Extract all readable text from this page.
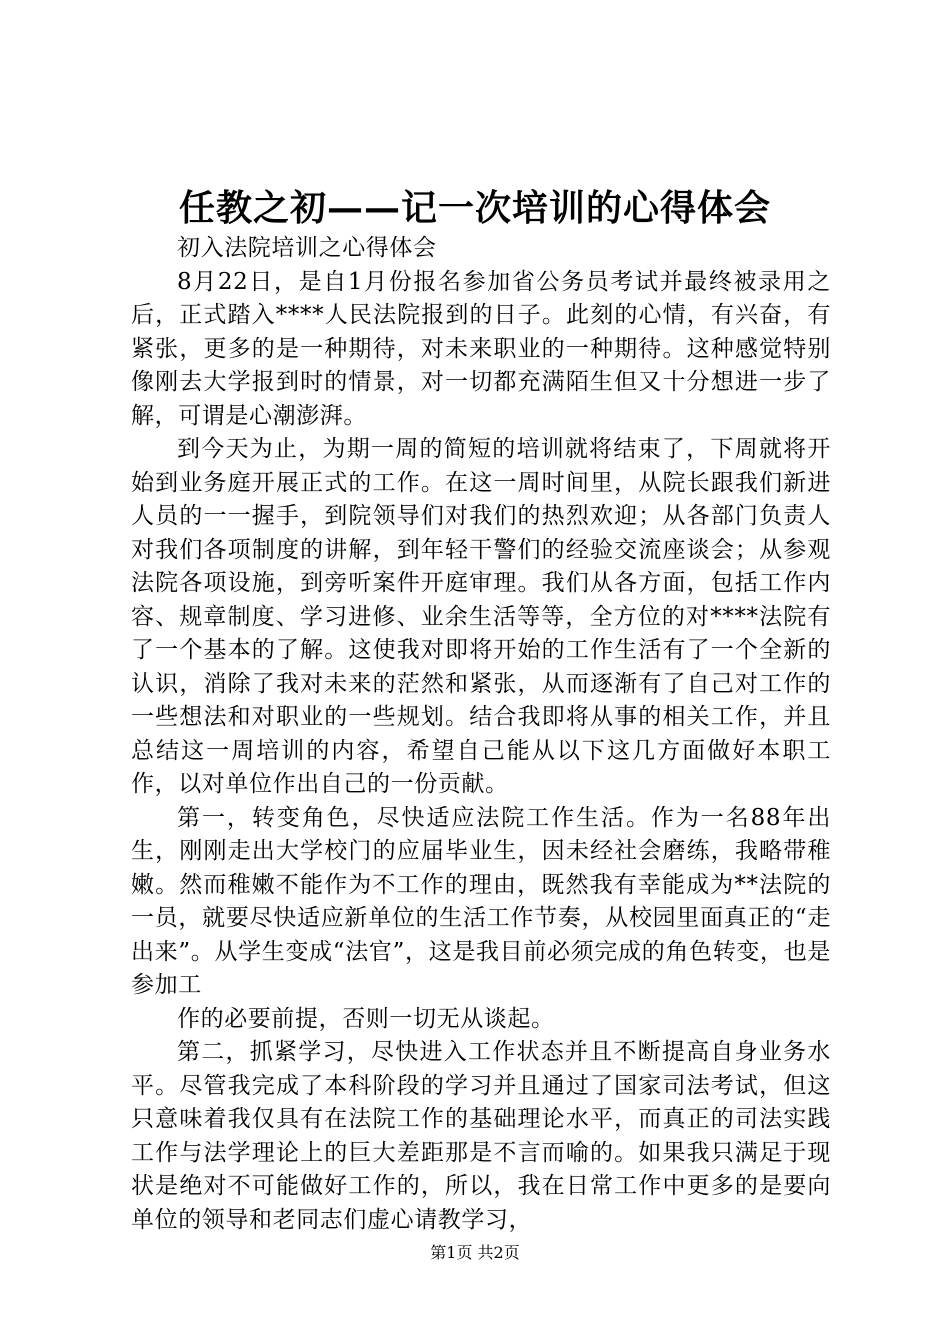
任教之初——记一次培训的心得体会

初入法院培训之心得体会

8月22日，是自1月份报名参加省公务员考试并最终被录用之后，正式踏入****人民法院报到的日子。此刻的心情，有兴奋，有紧张，更多的是一种期待，对未来职业的一种期待。这种感觉特别像刚去大学报到时的情景，对一切都充满陌生但又十分想进一步了解，可谓是心潮澎湃。

到今天为止，为期一周的简短的培训就将结束了，下周就将开始到业务庭开展正式的工作。在这一周时间里，从院长跟我们新进人员的一一握手，到院领导们对我们的热烈欢迎；从各部门负责人对我们各项制度的讲解，到年轻干警们的经验交流座谈会；从参观法院各项设施，到旁听案件开庭审理。我们从各方面，包括工作内容、规章制度、学习进修、业余生活等等，全方位的对****法院有了一个基本的了解。这使我对即将开始的工作生活有了一个全新的认识，消除了我对未来的茫然和紧张，从而逐渐有了自己对工作的一些想法和对职业的一些规划。结合我即将从事的相关工作，并且总结这一周培训的内容，希望自己能从以下这几方面做好本职工作，以对单位作出自己的一份贡献。

第一，转变角色，尽快适应法院工作生活。作为一名88年出生，刚刚走出大学校门的应届毕业生，因未经社会磨练，我略带稚嫩。然而稚嫩不能作为不工作的理由，既然我有幸能成为**法院的一员，就要尽快适应新单位的生活工作节奏，从校园里面真正的“走出来”。从学生变成“法官”，这是我目前必须完成的角色转变，也是参加工

作的必要前提，否则一切无从谈起。

第二，抓紧学习，尽快进入工作状态并且不断提高自身业务水平。尽管我完成了本科阶段的学习并且通过了国家司法考试，但这只意味着我仅具有在法院工作的基础理论水平，而真正的司法实践工作与法学理论上的巨大差距那是不言而喻的。如果我只满足于现状是绝对不可能做好工作的，所以，我在日常工作中更多的是要向单位的领导和老同志们虚心请教学习，

第1页 共2页
